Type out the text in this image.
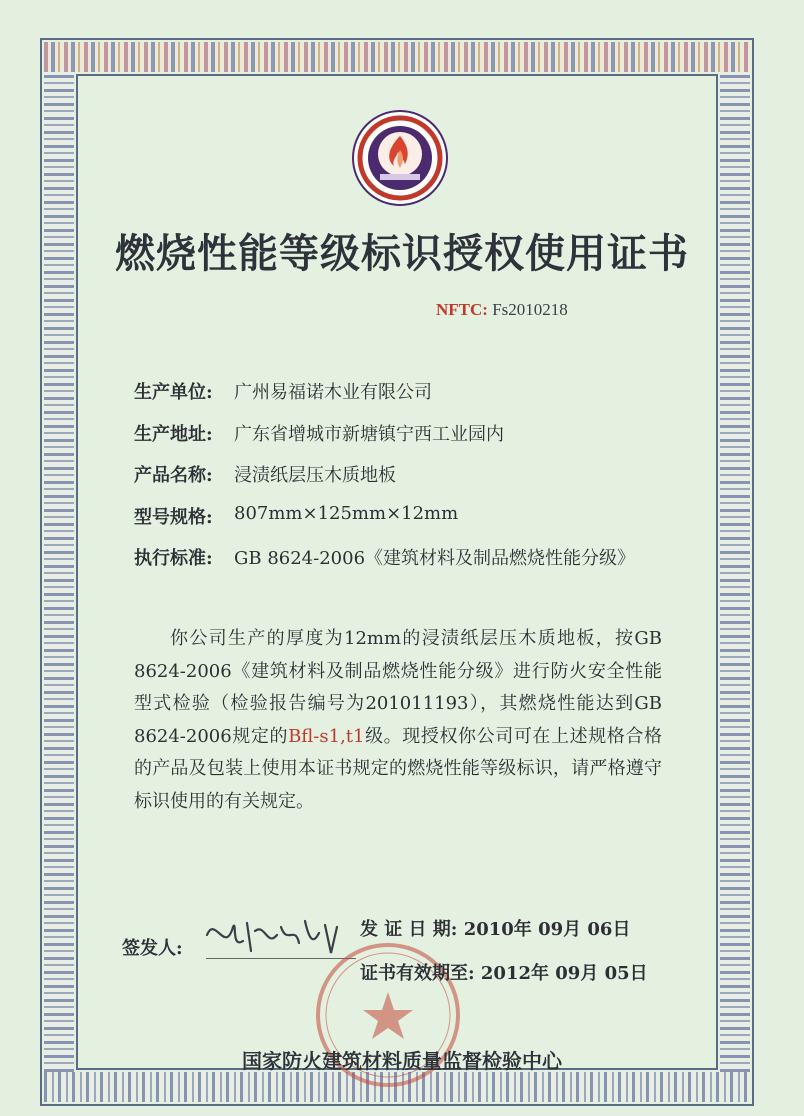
燃烧性能等级标识授权使用证书
NFTC: Fs2010218
生产单位:	广州易福诺木业有限公司
生产地址:	广东省增城市新塘镇宁西工业园内
产品名称:	浸渍纸层压木质地板
型号规格:	807mm×125mm×12mm
执行标准:	GB 8624-2006《建筑材料及制品燃烧性能分级》

你公司生产的厚度为12mm的浸渍纸层压木质地板，按GB 8624-2006《建筑材料及制品燃烧性能分级》进行防火安全性能型式检验（检验报告编号为201011193），其燃烧性能达到GB 8624-2006规定的Bfl-s1,t1级。现授权你公司可在上述规格合格的产品及包装上使用本证书规定的燃烧性能等级标识，请严格遵守标识使用的有关规定。

签发人:
发 证 日 期: 2010年 09月 06日
证书有效期至: 2012年 09月 05日
国家防火建筑材料质量监督检验中心
